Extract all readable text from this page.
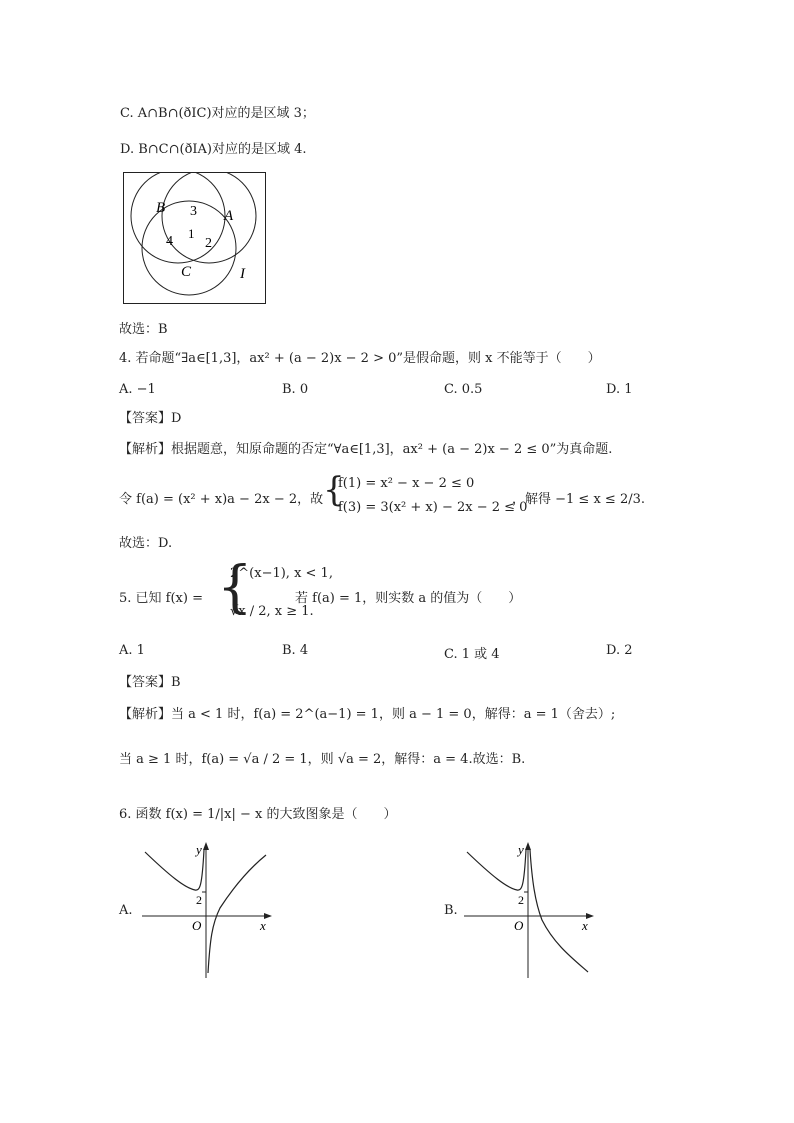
C. A∩B∩(ðIC)对应的是区域 3；
D. B∩C∩(ðIA)对应的是区域 4.
B	A
C	I
3
1
4 2
故选：B
4. 若命题“∃a∈[1,3]，ax² + (a − 2)x − 2 > 0”是假命题，则 x 不能等于（　　）
A. −1	B. 0	C. 0.5	D. 1
【答案】D
【解析】根据题意，知原命题的否定“∀a∈[1,3]，ax² + (a − 2)x − 2 ≤ 0”为真命题.
令 f(a) = (x² + x)a − 2x − 2，故 {
f(1) = x² − x − 2 ≤ 0
f(3) = 3(x² + x) − 2x − 2 ≤ 0
，解得 −1 ≤ x ≤ 2/3.
故选：D.
5. 已知 f(x) = {
2^(x−1), x < 1,
√x / 2, x ≥ 1.
若 f(a) = 1，则实数 a 的值为（　　）
A. 1	B. 4	C. 1 或 4	D. 2
【答案】B
【解析】当 a < 1 时，f(a) = 2^(a−1) = 1，则 a − 1 = 0，解得：a = 1（舍去）;
当 a ≥ 1 时，f(a) = √a / 2 = 1，则 √a = 2，解得：a = 4.故选：B.
6. 函数 f(x) = 1/|x| − x 的大致图象是（　　）
A.
y
x
O
2
B.
y
x
O
2
